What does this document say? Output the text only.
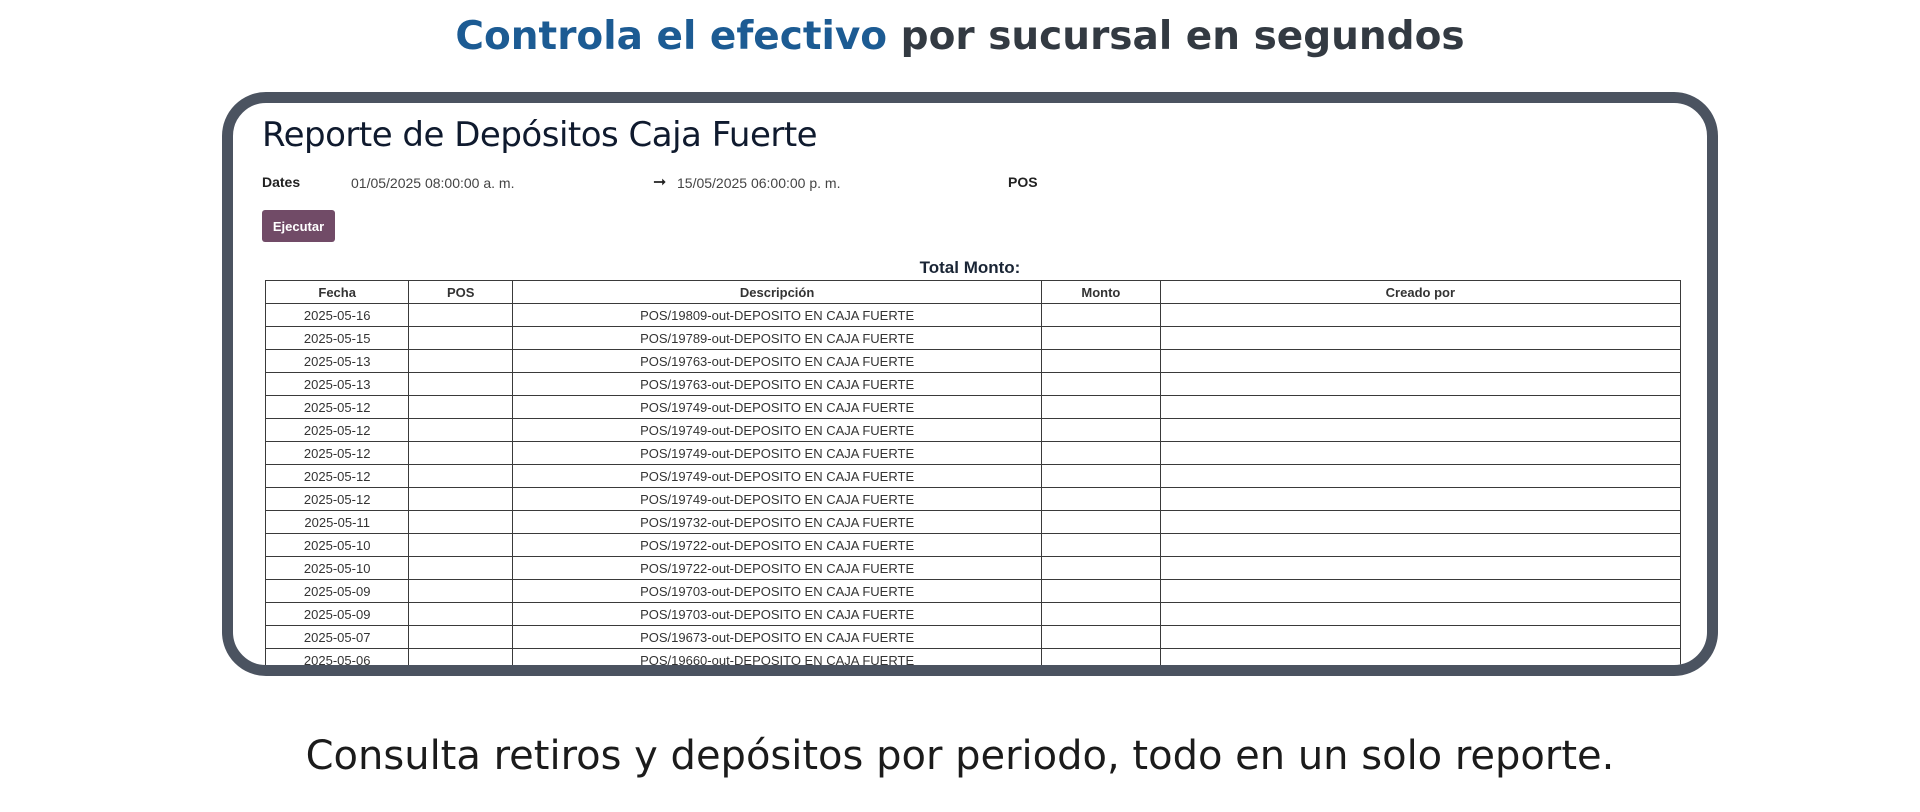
Controla el efectivo por sucursal en segundos
Reporte de Depósitos Caja Fuerte
Dates	01/05/2025 08:00:00 a. m.	➞ 15/05/2025 06:00:00 p. m.	POS
Ejecutar
Total Monto:
Fecha	POS	Descripción	Monto	Creado por
2025-05-16		POS/19809-out-DEPOSITO EN CAJA FUERTE		
2025-05-15		POS/19789-out-DEPOSITO EN CAJA FUERTE		
2025-05-13		POS/19763-out-DEPOSITO EN CAJA FUERTE		
2025-05-13		POS/19763-out-DEPOSITO EN CAJA FUERTE		
2025-05-12		POS/19749-out-DEPOSITO EN CAJA FUERTE		
2025-05-12		POS/19749-out-DEPOSITO EN CAJA FUERTE		
2025-05-12		POS/19749-out-DEPOSITO EN CAJA FUERTE		
2025-05-12		POS/19749-out-DEPOSITO EN CAJA FUERTE		
2025-05-12		POS/19749-out-DEPOSITO EN CAJA FUERTE		
2025-05-11		POS/19732-out-DEPOSITO EN CAJA FUERTE		
2025-05-10		POS/19722-out-DEPOSITO EN CAJA FUERTE		
2025-05-10		POS/19722-out-DEPOSITO EN CAJA FUERTE		
2025-05-09		POS/19703-out-DEPOSITO EN CAJA FUERTE		
2025-05-09		POS/19703-out-DEPOSITO EN CAJA FUERTE		
2025-05-07		POS/19673-out-DEPOSITO EN CAJA FUERTE		
2025-05-06		POS/19660-out-DEPOSITO EN CAJA FUERTE		
Consulta retiros y depósitos por periodo, todo en un solo reporte.
